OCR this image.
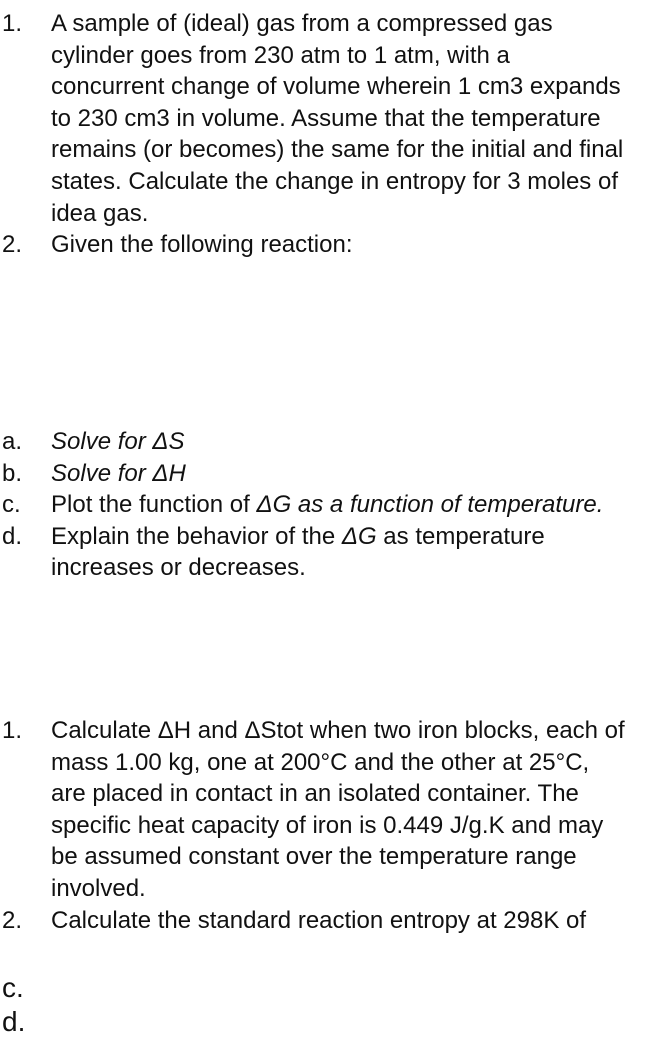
1.	A sample of (ideal) gas from a compressed gas cylinder goes from 230 atm to 1 atm, with a concurrent change of volume wherein 1 cm3 expands to 230 cm3 in volume. Assume that the temperature remains (or becomes) the same for the initial and final states. Calculate the change in entropy for 3 moles of idea gas.
2.	Given the following reaction:
a.	Solve for ΔS
b.	Solve for ΔH
c.	Plot the function of ΔG as a function of temperature.
d.	Explain the behavior of the ΔG as temperature increases or decreases.
1.	Calculate ΔH and ΔStot when two iron blocks, each of mass 1.00 kg, one at 200°C and the other at 25°C, are placed in contact in an isolated container. The specific heat capacity of iron is 0.449 J/g.K and may be assumed constant over the temperature range involved.
2.	Calculate the standard reaction entropy at 298K of
c.
d.
